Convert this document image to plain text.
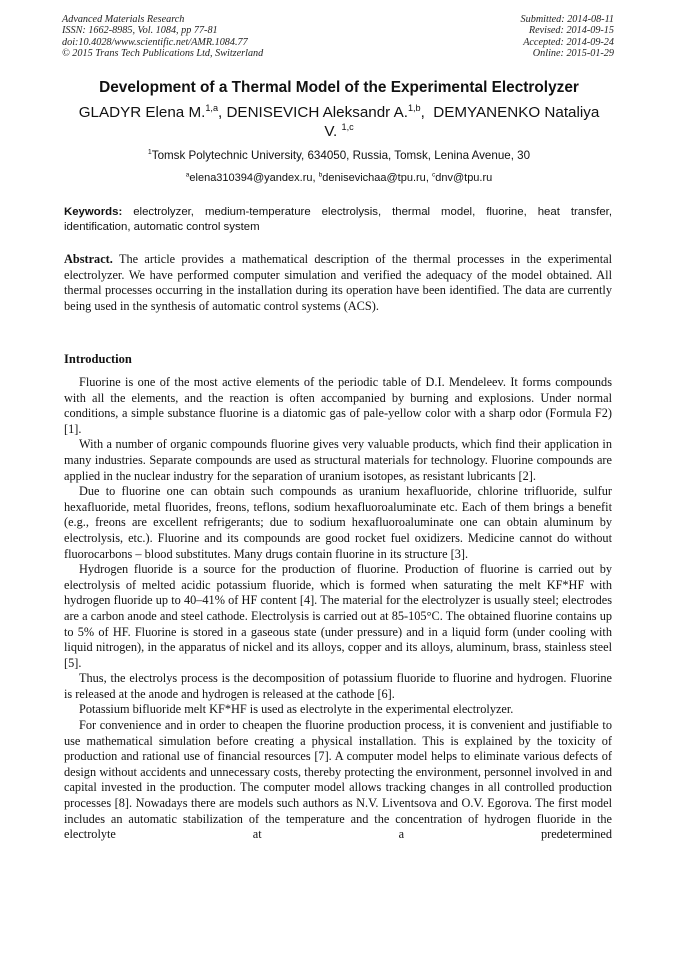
Advanced Materials Research
ISSN: 1662-8985, Vol. 1084, pp 77-81
doi:10.4028/www.scientific.net/AMR.1084.77
© 2015 Trans Tech Publications Ltd, Switzerland
Submitted: 2014-08-11
Revised: 2014-09-15
Accepted: 2014-09-24
Online: 2015-01-29
Development of a Thermal Model of the Experimental Electrolyzer
GLADYR Elena M.$^{1,a}$, DENISEVICH Aleksandr A.$^{1,b}$,  DEMYANENKO Nataliya V. $^{1,c}$
$^1$Tomsk Polytechnic University, 634050, Russia, Tomsk, Lenina Avenue, 30
$^a$elena310394@yandex.ru, $^b$denisevichaa@tpu.ru, $^c$dnv@tpu.ru
Keywords: electrolyzer, medium-temperature electrolysis, thermal model, fluorine, heat transfer, identification, automatic control system
Abstract. The article provides a mathematical description of the thermal processes in the experimental electrolyzer. We have performed computer simulation and verified the adequacy of the model obtained. All thermal processes occurring in the installation during its operation have been identified. The data are currently being used in the synthesis of automatic control systems (ACS).
Introduction

Fluorine is one of the most active elements of the periodic table of D.I. Mendeleev. It forms compounds with all the elements, and the reaction is often accompanied by burning and explosions. Under normal conditions, a simple substance fluorine is a diatomic gas of pale-yellow color with a sharp odor (Formula F2) [1].

With a number of organic compounds fluorine gives very valuable products, which find their application in many industries. Separate compounds are used as structural materials for technology. Fluorine compounds are applied in the nuclear industry for the separation of uranium isotopes, as resistant lubricants [2].

Due to fluorine one can obtain such compounds as uranium hexafluoride, chlorine trifluoride, sulfur hexafluoride, metal fluorides, freons, teflons, sodium hexafluoroaluminate etc. Each of them brings a benefit (e.g., freons are excellent refrigerants; due to sodium hexafluoroaluminate one can obtain aluminum by electrolysis, etc.). Fluorine and its compounds are good rocket fuel oxidizers. Medicine cannot do without fluorocarbons – blood substitutes. Many drugs contain fluorine in its structure [3].

Hydrogen fluoride is a source for the production of fluorine. Production of fluorine is carried out by electrolysis of melted acidic potassium fluoride, which is formed when saturating the melt KF*HF with hydrogen fluoride up to 40–41% of HF content [4]. The material for the electrolyzer is usually steel; electrodes are a carbon anode and steel cathode. Electrolysis is carried out at 85-105°C. The obtained fluorine contains up to 5% of HF. Fluorine is stored in a gaseous state (under pressure) and in a liquid form (under cooling with liquid nitrogen), in the apparatus of nickel and its alloys, copper and its alloys, aluminum, brass, stainless steel [5].

Thus, the electrolys process is the decomposition of potassium fluoride to fluorine and hydrogen. Fluorine is released at the anode and hydrogen is released at the cathode [6].

Potassium bifluoride melt KF*HF is used as electrolyte in the experimental electrolyzer.

For convenience and in order to cheapen the fluorine production process, it is convenient and justifiable to use mathematical simulation before creating a physical installation. This is explained by the toxicity of production and rational use of financial resources [7]. A computer model helps to eliminate various defects of design without accidents and unnecessary costs, thereby protecting the environment, personnel involved in and capital invested in the production. The computer model allows tracking changes in all controlled production processes [8]. Nowadays there are models such authors as N.V. Liventsova and O.V. Egorova. The first model includes an automatic stabilization of the temperature and the concentration of hydrogen fluoride in the electrolyte at a predetermined
